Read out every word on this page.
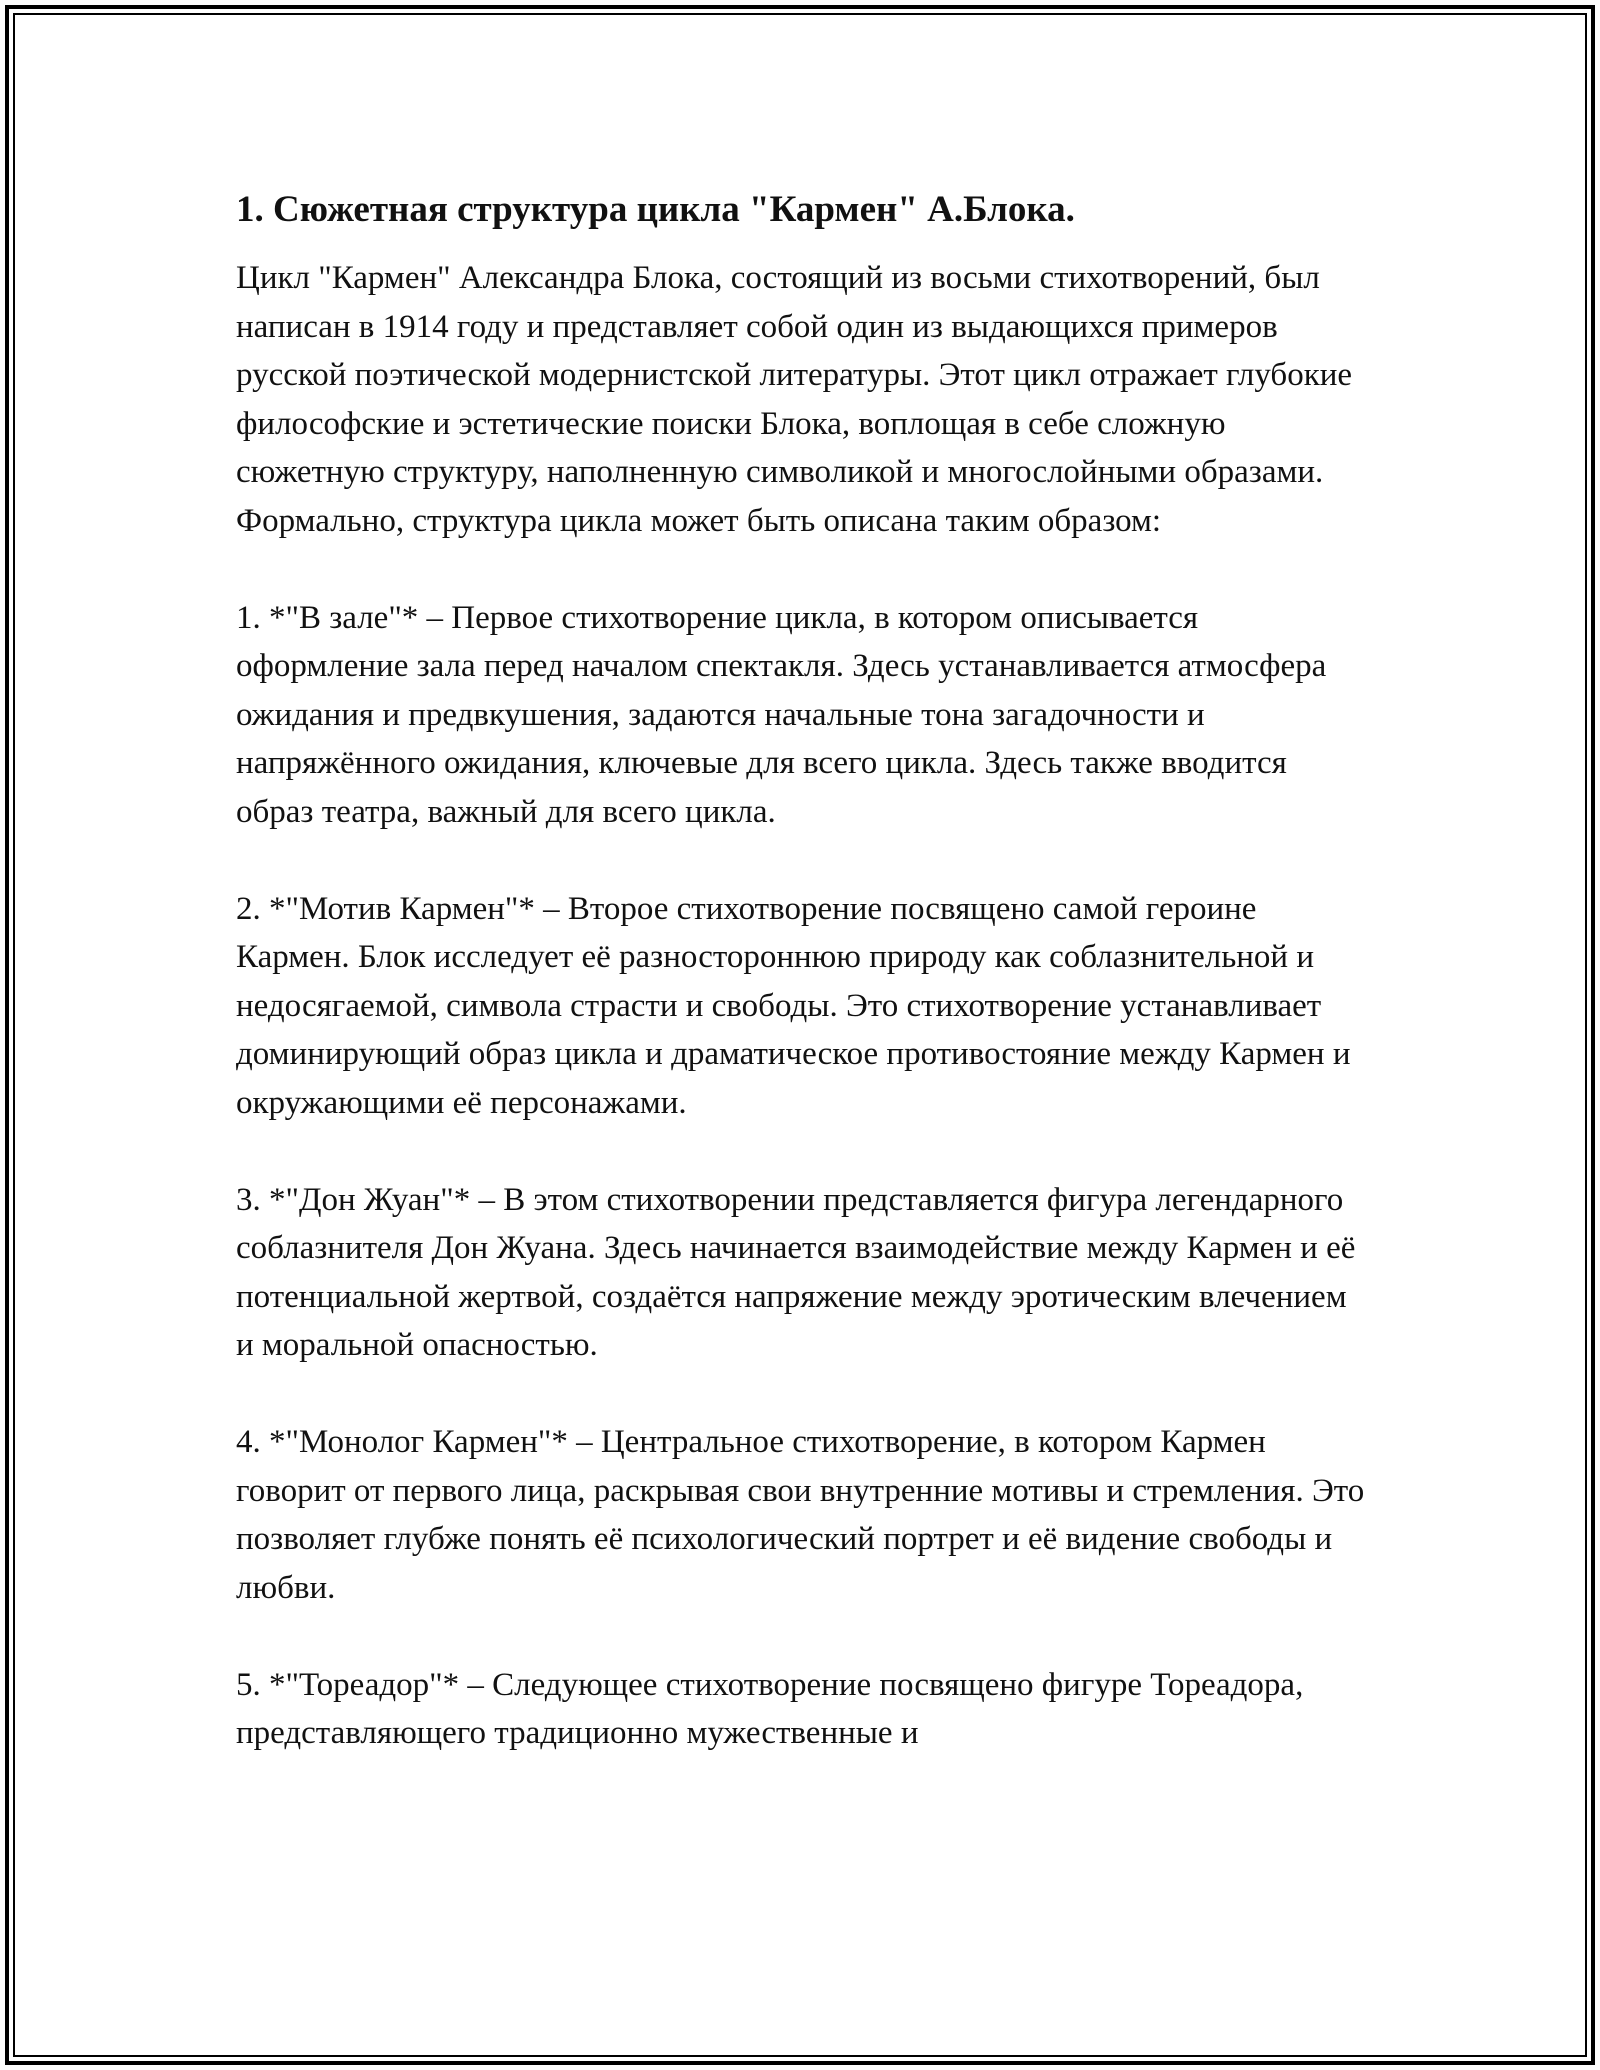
1. Сюжетная структура цикла "Кармен" А.Блока.
Цикл "Кармен" Александра Блока, состоящий из восьми стихотворений, был написан в 1914 году и представляет собой один из выдающихся примеров русской поэтической модернистской литературы. Этот цикл отражает глубокие философские и эстетические поиски Блока, воплощая в себе сложную сюжетную структуру, наполненную символикой и многослойными образами. Формально, структура цикла может быть описана таким образом:
1. *"В зале"* – Первое стихотворение цикла, в котором описывается оформление зала перед началом спектакля. Здесь устанавливается атмосфера ожидания и предвкушения, задаются начальные тона загадочности и напряжённого ожидания, ключевые для всего цикла. Здесь также вводится образ театра, важный для всего цикла.
2. *"Мотив Кармен"* – Второе стихотворение посвящено самой героине Кармен. Блок исследует её разностороннюю природу как соблазнительной и недосягаемой, символа страсти и свободы. Это стихотворение устанавливает доминирующий образ цикла и драматическое противостояние между Кармен и окружающими её персонажами.
3. *"Дон Жуан"* – В этом стихотворении представляется фигура легендарного соблазнителя Дон Жуана. Здесь начинается взаимодействие между Кармен и её потенциальной жертвой, создаётся напряжение между эротическим влечением и моральной опасностью.
4. *"Монолог Кармен"* – Центральное стихотворение, в котором Кармен говорит от первого лица, раскрывая свои внутренние мотивы и стремления. Это позволяет глубже понять её психологический портрет и её видение свободы и любви.
5. *"Тореадор"* – Следующее стихотворение посвящено фигуре Тореадора, представляющего традиционно мужественные и
